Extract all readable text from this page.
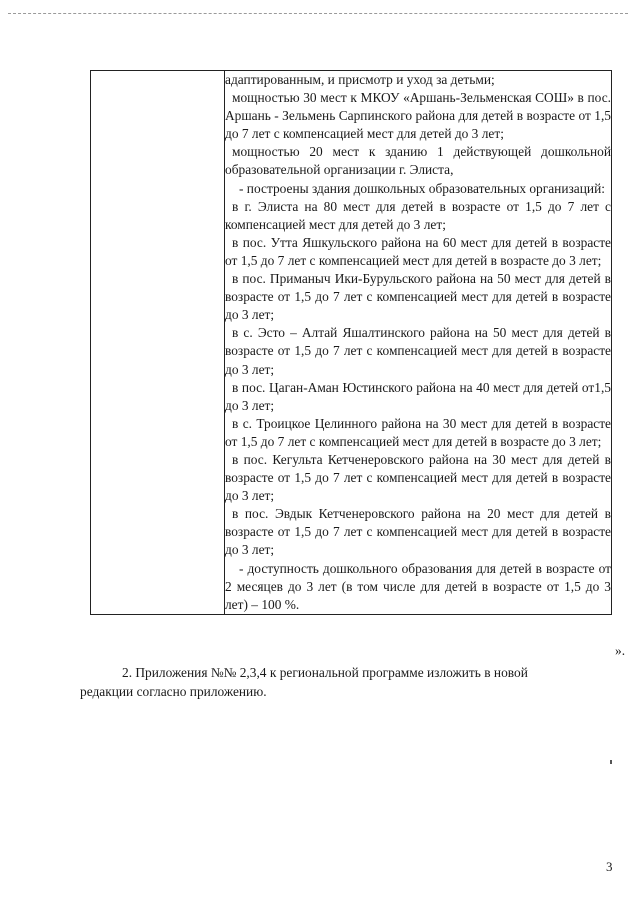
адаптированным, и присмотр и уход за детьми;

мощностью 30 мест к МКОУ «Аршань-Зельменская СОШ» в пос. Аршань - Зельмень Сарпинского района для детей в возрасте от 1,5 до 7 лет с компенсацией мест для детей до 3 лет;

мощностью 20 мест к зданию 1 действующей дошкольной образовательной организации г. Элиста,

- построены здания дошкольных образовательных организаций:

в г. Элиста на 80 мест для детей в возрасте от 1,5 до 7 лет с компенсацией мест для детей до 3 лет;

в пос. Утта Яшкульского района на 60 мест для детей в возрасте от 1,5 до 7 лет с компенсацией мест для детей в возрасте до 3 лет;

в пос. Приманыч Ики-Бурульского района на 50 мест для детей в возрасте от 1,5 до 7 лет с компенсацией мест для детей в возрасте до 3 лет;

в с. Эсто – Алтай Яшалтинского района на 50 мест для детей в возрасте от 1,5 до 7 лет с компенсацией мест для детей в возрасте до 3 лет;

в пос. Цаган-Аман Юстинского района на 40 мест для детей от1,5 до 3 лет;

в с. Троицкое Целинного района на 30 мест для детей в возрасте от 1,5 до 7 лет с компенсацией мест для детей в возрасте до 3 лет;

в пос. Кегульта Кетченеровского района на 30 мест для детей в возрасте от 1,5 до 7 лет с компенсацией мест для детей в возрасте до 3 лет;

в пос. Эвдык Кетченеровского района на 20 мест для детей в возрасте от 1,5 до 7 лет с компенсацией мест для детей в возрасте до 3 лет;

- доступность дошкольного образования для детей в возрасте от 2 месяцев до 3 лет (в том числе для детей в возрасте от 1,5 до 3 лет) – 100 %.

».

2. Приложения №№ 2,3,4 к региональной программе изложить в новой
редакции согласно приложению.

3
